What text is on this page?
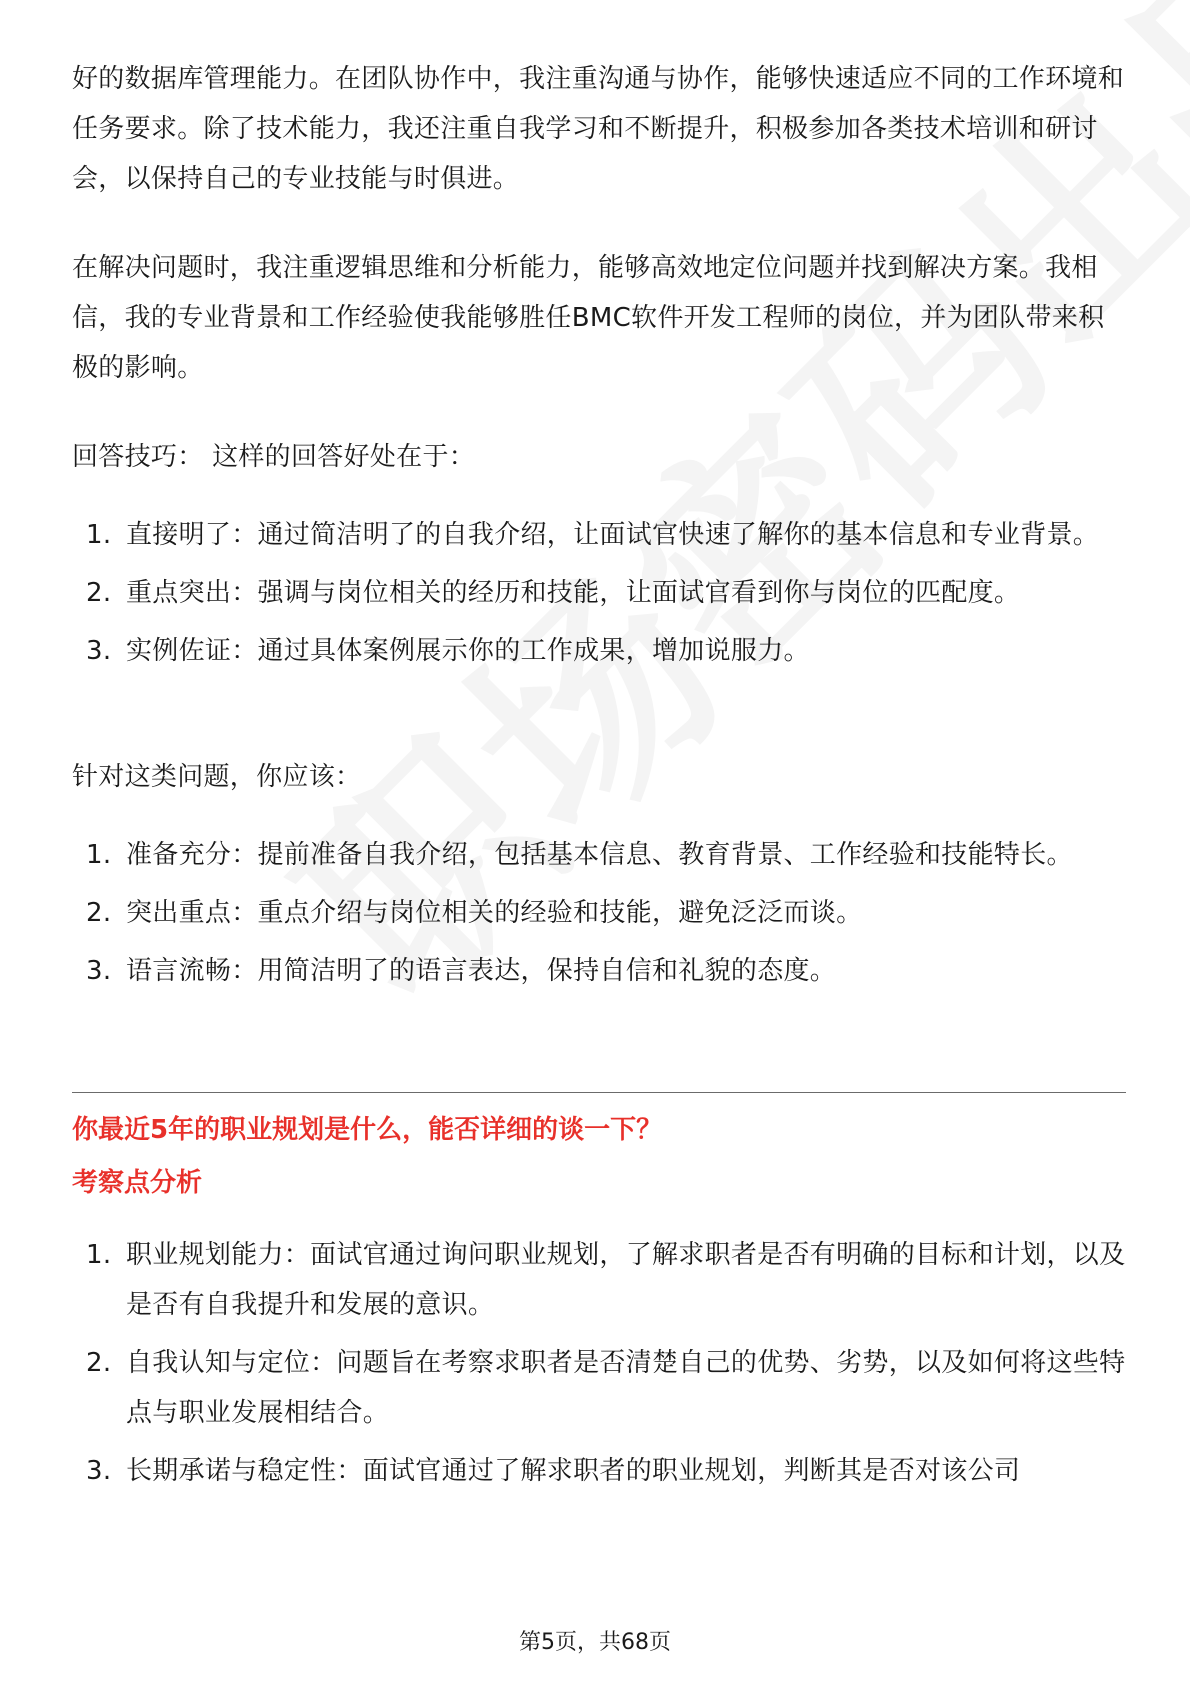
好的数据库管理能力。在团队协作中，我注重沟通与协作，能够快速适应不同的工作环境和任务要求。除了技术能力，我还注重自我学习和不断提升，积极参加各类技术培训和研讨会，以保持自己的专业技能与时俱进。

在解决问题时，我注重逻辑思维和分析能力，能够高效地定位问题并找到解决方案。我相信，我的专业背景和工作经验使我能够胜任BMC软件开发工程师的岗位，并为团队带来积极的影响。

回答技巧： 这样的回答好处在于：

1. 直接明了：通过简洁明了的自我介绍，让面试官快速了解你的基本信息和专业背景。
2. 重点突出：强调与岗位相关的经历和技能，让面试官看到你与岗位的匹配度。
3. 实例佐证：通过具体案例展示你的工作成果，增加说服力。

针对这类问题，你应该：

1. 准备充分：提前准备自我介绍，包括基本信息、教育背景、工作经验和技能特长。
2. 突出重点：重点介绍与岗位相关的经验和技能，避免泛泛而谈。
3. 语言流畅：用简洁明了的语言表达，保持自信和礼貌的态度。
你最近5年的职业规划是什么，能否详细的谈一下？
考察点分析
1. 职业规划能力：面试官通过询问职业规划，了解求职者是否有明确的目标和计划，以及是否有自我提升和发展的意识。
2. 自我认知与定位：问题旨在考察求职者是否清楚自己的优势、劣势，以及如何将这些特点与职业发展相结合。
3. 长期承诺与稳定性：面试官通过了解求职者的职业规划，判断其是否对该公司
第5页，共68页
